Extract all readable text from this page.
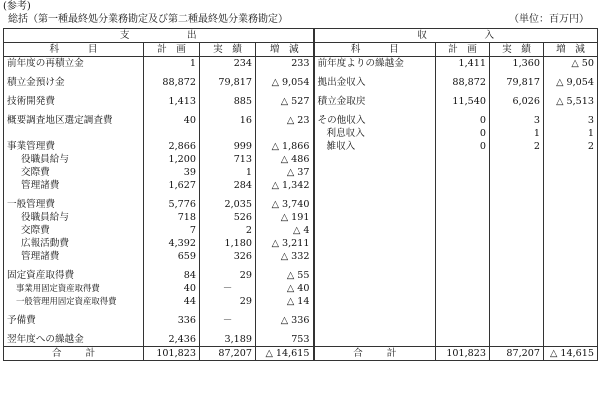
(参考)
総括（第一種最終処分業務勘定及び第二種最終処分業務勘定）	（単位：百万円）
支　　　　　　出				収　　　　　　入			
科　　　目	計　画	実　績	増　減	科　　　目	計　画	実　績	増　減
前年度の再積立金	1	234	233	前年度よりの繰越金	1,411	1,360	△ 50

積立金預け金	88,872	79,817	△ 9,054	拠出金収入	88,872	79,817	△ 9,054

技術開発費	1,413	885	△ 527	積立金取戻	11,540	6,026	△ 5,513

概要調査地区選定調査費	40	16	△ 23	その他収入	0	3	3
				利息収入	0	1	1
事業管理費	2,866	999	△ 1,866	雑収入	0	2	2
役職員給与	1,200	713	△ 486				
交際費	39	1	△ 37				
管理諸費	1,627	284	△ 1,342				

一般管理費	5,776	2,035	△ 3,740				
役職員給与	718	526	△ 191				
交際費	7	2	△ 4				
広報活動費	4,392	1,180	△ 3,211				
管理諸費	659	326	△ 332				

固定資産取得費	84	29	△ 55				
事業用固定資産取得費	40	－	△ 40				
一般管理用固定資産取得費	44	29	△ 14				

予備費	336	－	△ 336				

翌年度への繰越金	2,436	3,189	753				
合 計	101,823	87,207	△ 14,615	合 計	101,823	87,207	△ 14,615
